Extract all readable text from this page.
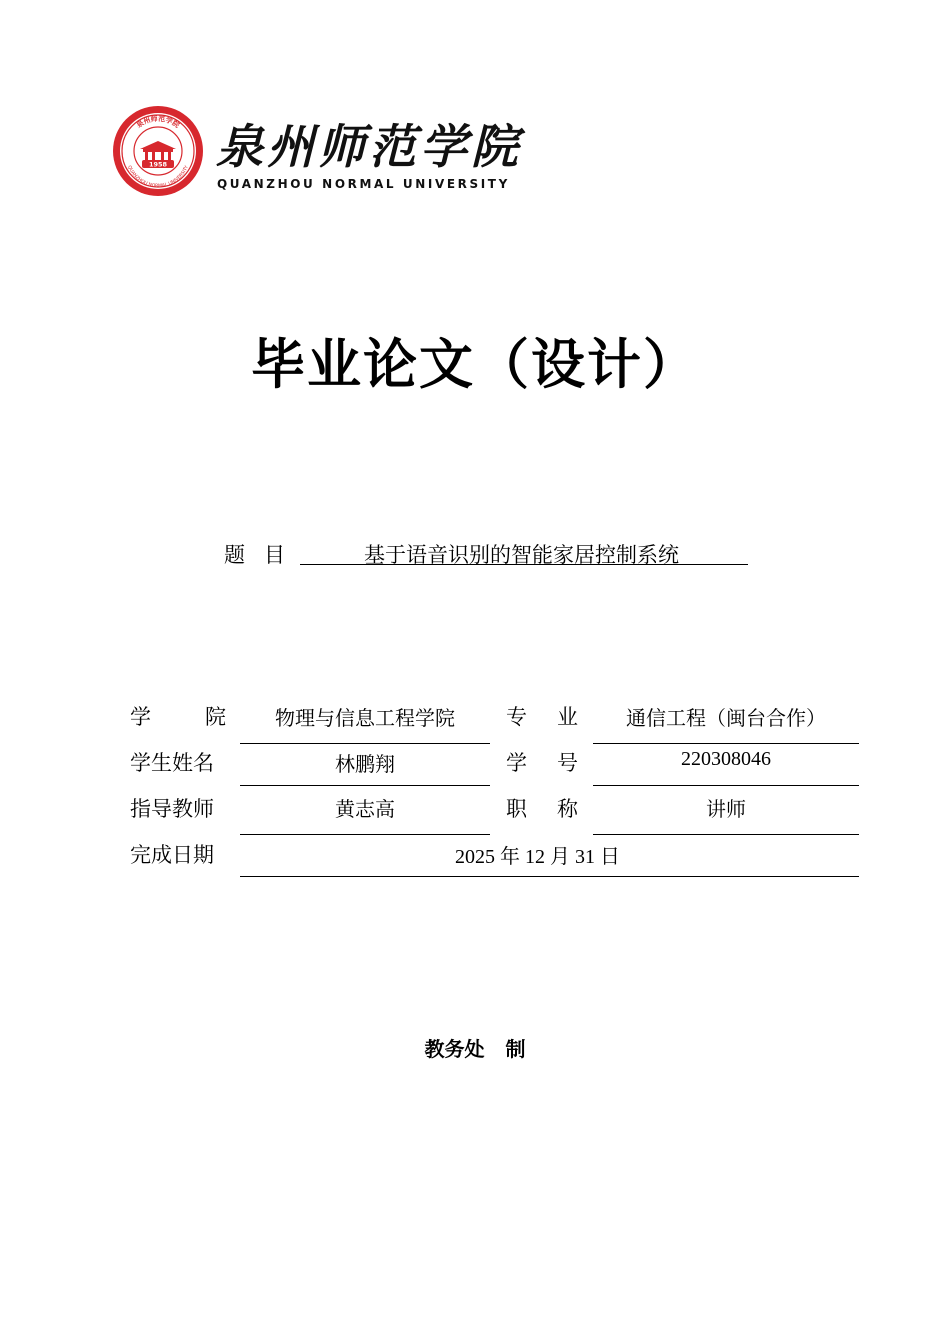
1958
泉州师范学院
QUANZHOU NORMAL UNIVERSITY 泉州师范学院
QUANZHOU NORMAL UNIVERSITY
毕业论文（设计）
题目	基于语音识别的智能家居控制系统
学 院	物理与信息工程学院	专 业	通信工程（闽台合作）
学生姓名	林鹏翔	学 号	220308046
指导教师	黄志高	职 称	讲师
完成日期	2025 年 12 月 31 日
教务处 制
